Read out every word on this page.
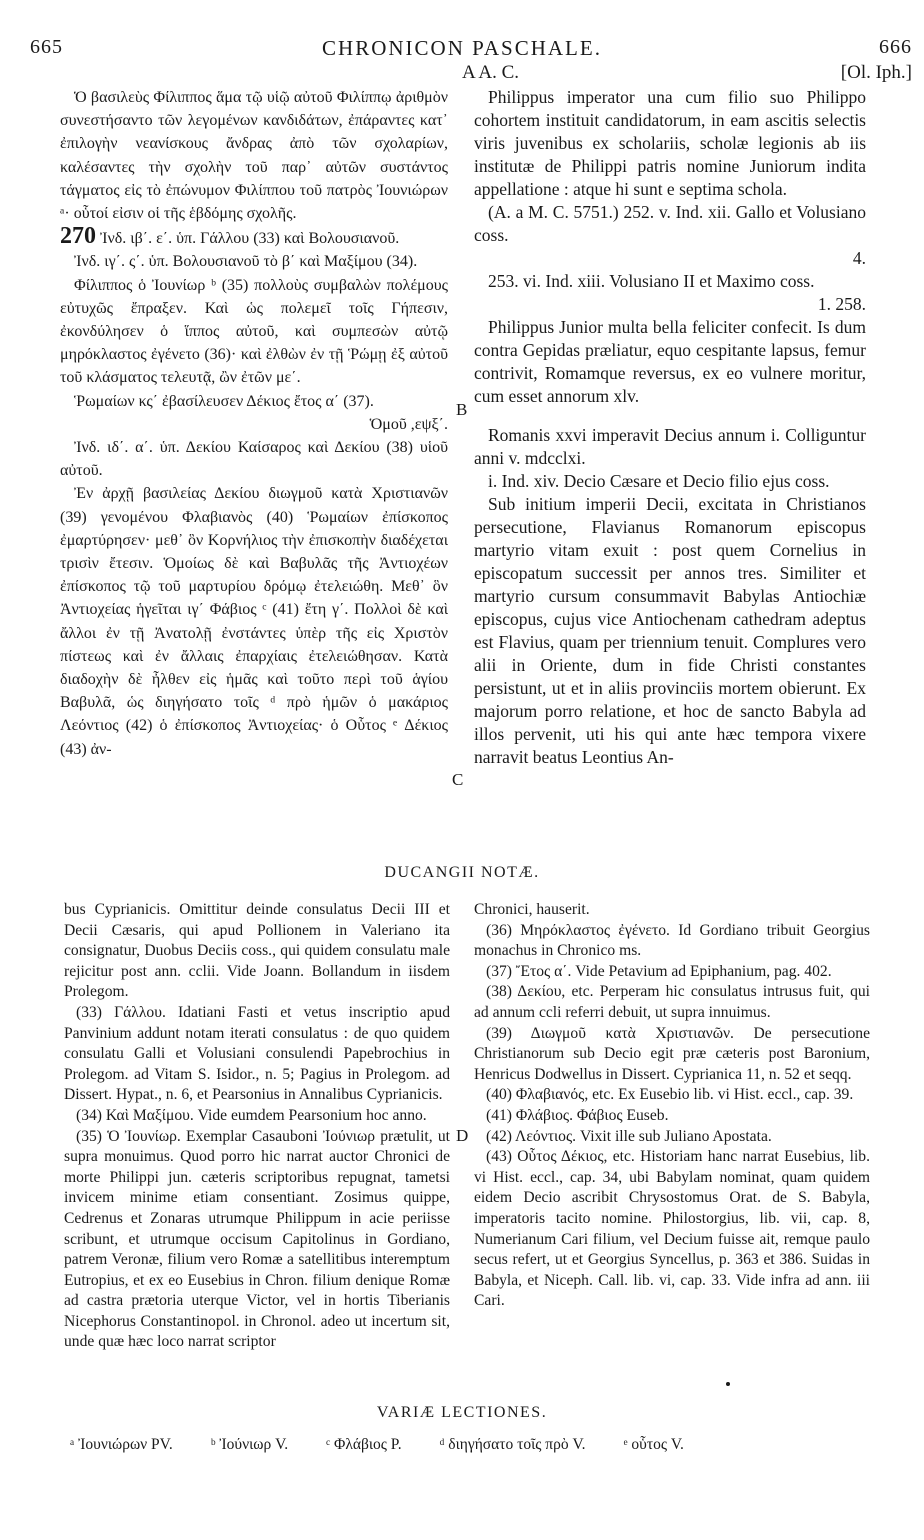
665	CHRONICON PASCHALE.	666
A A. C.	[Ol. Iph.]

Ὁ βασιλεὺς Φίλιππος ἅμα τῷ υἱῷ αὐτοῦ Φιλίππῳ ἀριθμὸν συνεστήσαντο τῶν λεγομένων κανδιδάτων, ἐπάραντες κατ᾽ ἐπιλογὴν νεανίσκους ἄνδρας ἀπὸ τῶν σχολαρίων, καλέσαντες τὴν σχολὴν τοῦ παρ᾽ αὐτῶν συστάντος τάγματος εἰς τὸ ἐπώνυμον Φιλίππου τοῦ πατρὸς Ἰουνιώρων ᵃ· οὗτοί εἰσιν οἱ τῆς ἑβδόμης σχολῆς.

270 Ἰνδ. ιβ΄. ε΄. ὑπ. Γάλλου (33) καὶ Βολουσιανοῦ.

Ἰνδ. ιγ΄. ς΄. ὑπ. Βολουσιανοῦ τὸ β΄ καὶ Μαξίμου (34).

Φίλιππος ὁ Ἰουνίωρ ᵇ (35) πολλοὺς συμβαλὼν πολέμους εὐτυχῶς ἔπραξεν. Καὶ ὡς πολεμεῖ τοῖς Γήπεσιν, ἐκονδύλησεν ὁ ἵππος αὐτοῦ, καὶ συμπεσὼν αὐτῷ μηρόκλαστος ἐγένετο (36)· καὶ ἐλθὼν ἐν τῇ Ῥώμῃ ἐξ αὐτοῦ τοῦ κλάσματος τελευτᾷ, ὢν ἐτῶν με΄.

Ῥωμαίων κς΄ ἐβασίλευσεν Δέκιος ἔτος α΄ (37).

Ὁμοῦ ,εψξ΄.

Ἰνδ. ιδ΄. α΄. ὑπ. Δεκίου Καίσαρος καὶ Δεκίου (38) υἱοῦ αὐτοῦ.

Ἐν ἀρχῇ βασιλείας Δεκίου διωγμοῦ κατὰ Χριστιανῶν (39) γενομένου Φλαβιανὸς (40) Ῥωμαίων ἐπίσκοπος ἐμαρτύρησεν· μεθ᾽ ὃν Κορνήλιος τὴν ἐπισκοπὴν διαδέχεται τρισὶν ἔτεσιν. Ὁμοίως δὲ καὶ Βαβυλᾶς τῆς Ἀντιοχέων ἐπίσκοπος τῷ τοῦ μαρτυρίου δρόμῳ ἐτελειώθη. Μεθ᾽ ὃν Ἀντιοχείας ἡγεῖται ιγ΄ Φάβιος ᶜ (41) ἔτη γ΄. Πολλοὶ δὲ καὶ ἄλλοι ἐν τῇ Ἀνατολῇ ἐνστάντες ὑπὲρ τῆς εἰς Χριστὸν πίστεως καὶ ἐν ἄλλαις ἐπαρχίαις ἐτελειώθησαν. Κατὰ διαδοχὴν δὲ ἦλθεν εἰς ἡμᾶς καὶ τοῦτο περὶ τοῦ ἁγίου Βαβυλᾶ, ὡς διηγήσατο τοῖς ᵈ πρὸ ἡμῶν ὁ μακάριος Λεόντιος (42) ὁ ἐπίσκοπος Ἀντιοχείας· ὁ Οὗτος ᵉ Δέκιος (43) ἀν-

Philippus imperator una cum filio suo Philippo cohortem instituit candidatorum, in eam ascitis selectis viris juvenibus ex scholariis, scholæ legionis ab iis institutæ de Philippi patris nomine Juniorum indita appellatione : atque hi sunt e septima schola.

(A. a M. C. 5751.) 252. v. Ind. xii. Gallo et Volusiano coss.

4.

253. vi. Ind. xiii. Volusiano II et Maximo coss.

1. 258.

Philippus Junior multa bella feliciter confecit. Is dum contra Gepidas præliatur, equo cespitante lapsus, femur contrivit, Romamque reversus, ex eo vulnere moritur, cum esset annorum xlv.

Romanis xxvi imperavit Decius annum i. Colliguntur anni v. mdcclxi.

i. Ind. xiv. Decio Cæsare et Decio filio ejus coss.

Sub initium imperii Decii, excitata in Christianos persecutione, Flavianus Romanorum episcopus martyrio vitam exuit : post quem Cornelius in episcopatum successit per annos tres. Similiter et martyrio cursum consummavit Babylas Antiochiæ episcopus, cujus vice Antiochenam cathedram adeptus est Flavius, quam per triennium tenuit. Complures vero alii in Oriente, dum in fide Christi constantes persistunt, ut et in aliis provinciis mortem obierunt. Ex majorum porro relatione, et hoc de sancto Babyla ad illos pervenit, uti his qui ante hæc tempora vixere narravit beatus Leontius An-

B
C
D
DUCANGII NOTÆ.

bus Cyprianicis. Omittitur deinde consulatus Decii III et Decii Cæsaris, qui apud Pollionem in Valeriano ita consignatur, Duobus Deciis coss., qui quidem consulatu male rejicitur post ann. cclii. Vide Joann. Bollandum in iisdem Prolegom.

(33) Γάλλου. Idatiani Fasti et vetus inscriptio apud Panvinium addunt notam iterati consulatus : de quo quidem consulatu Galli et Volusiani consulendi Papebrochius in Prolegom. ad Vitam S. Isidor., n. 5; Pagius in Prolegom. ad Dissert. Hypat., n. 6, et Pearsonius in Annalibus Cyprianicis.

(34) Καὶ Μαξίμου. Vide eumdem Pearsonium hoc anno.

(35) Ὁ Ἰουνίωρ. Exemplar Casauboni Ἰούνιωρ prætulit, ut supra monuimus. Quod porro hic narrat auctor Chronici de morte Philippi jun. cæteris scriptoribus repugnat, tametsi invicem minime etiam consentiant. Zosimus quippe, Cedrenus et Zonaras utrumque Philippum in acie periisse scribunt, et utrumque occisum Capitolinus in Gordiano, patrem Veronæ, filium vero Romæ a satellitibus interemptum Eutropius, et ex eo Eusebius in Chron. filium denique Romæ ad castra prætoria uterque Victor, vel in hortis Tiberianis Nicephorus Constantinopol. in Chronol. adeo ut incertum sit, unde quæ hæc loco narrat scriptor

Chronici, hauserit.

(36) Μηρόκλαστος ἐγένετο. Id Gordiano tribuit Georgius monachus in Chronico ms.

(37) Ἔτος α΄. Vide Petavium ad Epiphanium, pag. 402.

(38) Δεκίου, etc. Perperam hic consulatus intrusus fuit, qui ad annum ccli referri debuit, ut supra innuimus.

(39) Διωγμοῦ κατὰ Χριστιανῶν. De persecutione Christianorum sub Decio egit præ cæteris post Baronium, Henricus Dodwellus in Dissert. Cyprianica 11, n. 52 et seqq.

(40) Φλαβιανός, etc. Ex Eusebio lib. vi Hist. eccl., cap. 39.

(41) Φλάβιος. Φάβιος Euseb.

(42) Λεόντιος. Vixit ille sub Juliano Apostata.

(43) Οὗτος Δέκιος, etc. Historiam hanc narrat Eusebius, lib. vi Hist. eccl., cap. 34, ubi Babylam nominat, quam quidem eidem Decio ascribit Chrysostomus Orat. de S. Babyla, imperatoris tacito nomine. Philostorgius, lib. vii, cap. 8, Numerianum Cari filium, vel Decium fuisse ait, remque paulo secus refert, ut et Georgius Syncellus, p. 363 et 386. Suidas in Babyla, et Niceph. Call. lib. vi, cap. 33. Vide infra ad ann. iii Cari.

VARIÆ LECTIONES.
ᵃ Ἰουνιώρων PV. ᵇ Ἰούνιωρ V. ᶜ Φλάβιος P. ᵈ διηγήσατο τοῖς πρὸ V. ᵉ οὗτος V.
